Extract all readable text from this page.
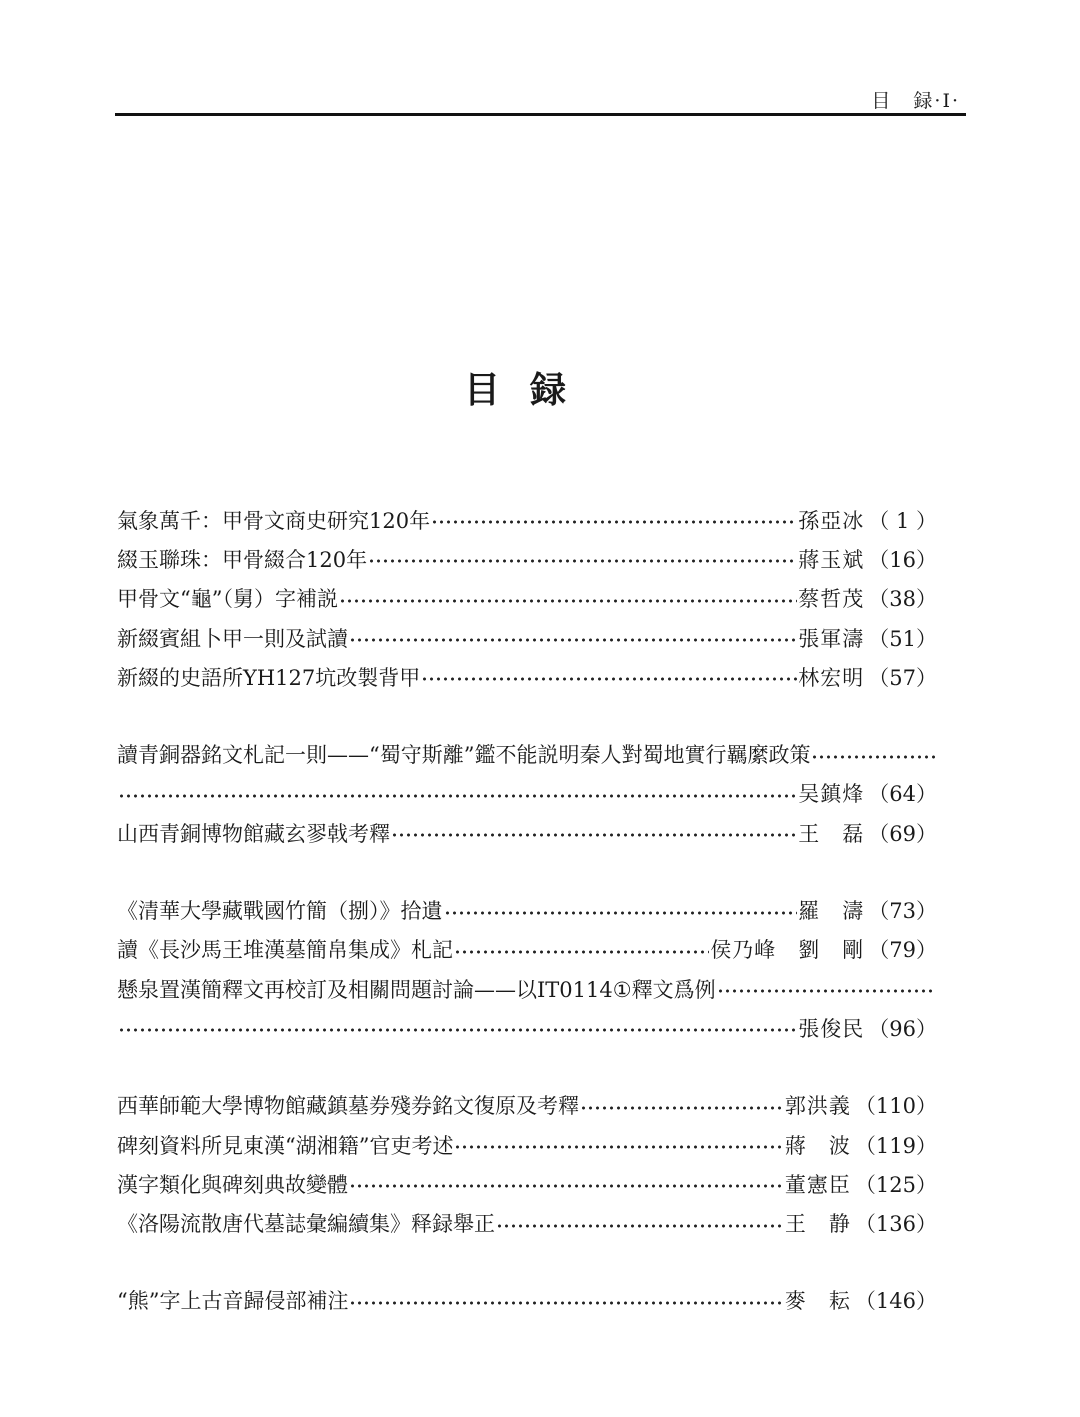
目　録·I·
目録
氣象萬千：甲骨文商史研究120年	孫亞冰 （ 1 ）
綴玉聯珠：甲骨綴合120年	蔣玉斌 （16）
甲骨文“龜”（舅）字補説	蔡哲茂 （38）
新綴賓組卜甲一則及試讀	張軍濤 （51）
新綴的史語所YH127坑改製背甲	林宏明 （57）
讀青銅器銘文札記一則——“蜀守斯離”鑑不能説明秦人對蜀地實行羈縻政策
吴鎮烽 （64）
山西青銅博物館藏玄翏戟考釋	王　磊 （69）
《清華大學藏戰國竹簡（捌）》拾遺	羅　濤 （73）
讀《長沙馬王堆漢墓簡帛集成》札記	侯乃峰　劉　剛 （79）
懸泉置漢簡釋文再校訂及相關問題討論——以IT0114①釋文爲例
張俊民 （96）
西華師範大學博物館藏鎮墓券殘券銘文復原及考釋	郭洪義 （110）
碑刻資料所見東漢“湖湘籍”官吏考述	蔣　波 （119）
漢字類化與碑刻典故變體	董憲臣 （125）
《洛陽流散唐代墓誌彙編續集》释録舉正	王　静 （136）
“熊”字上古音歸侵部補注	麥　耘 （146）
